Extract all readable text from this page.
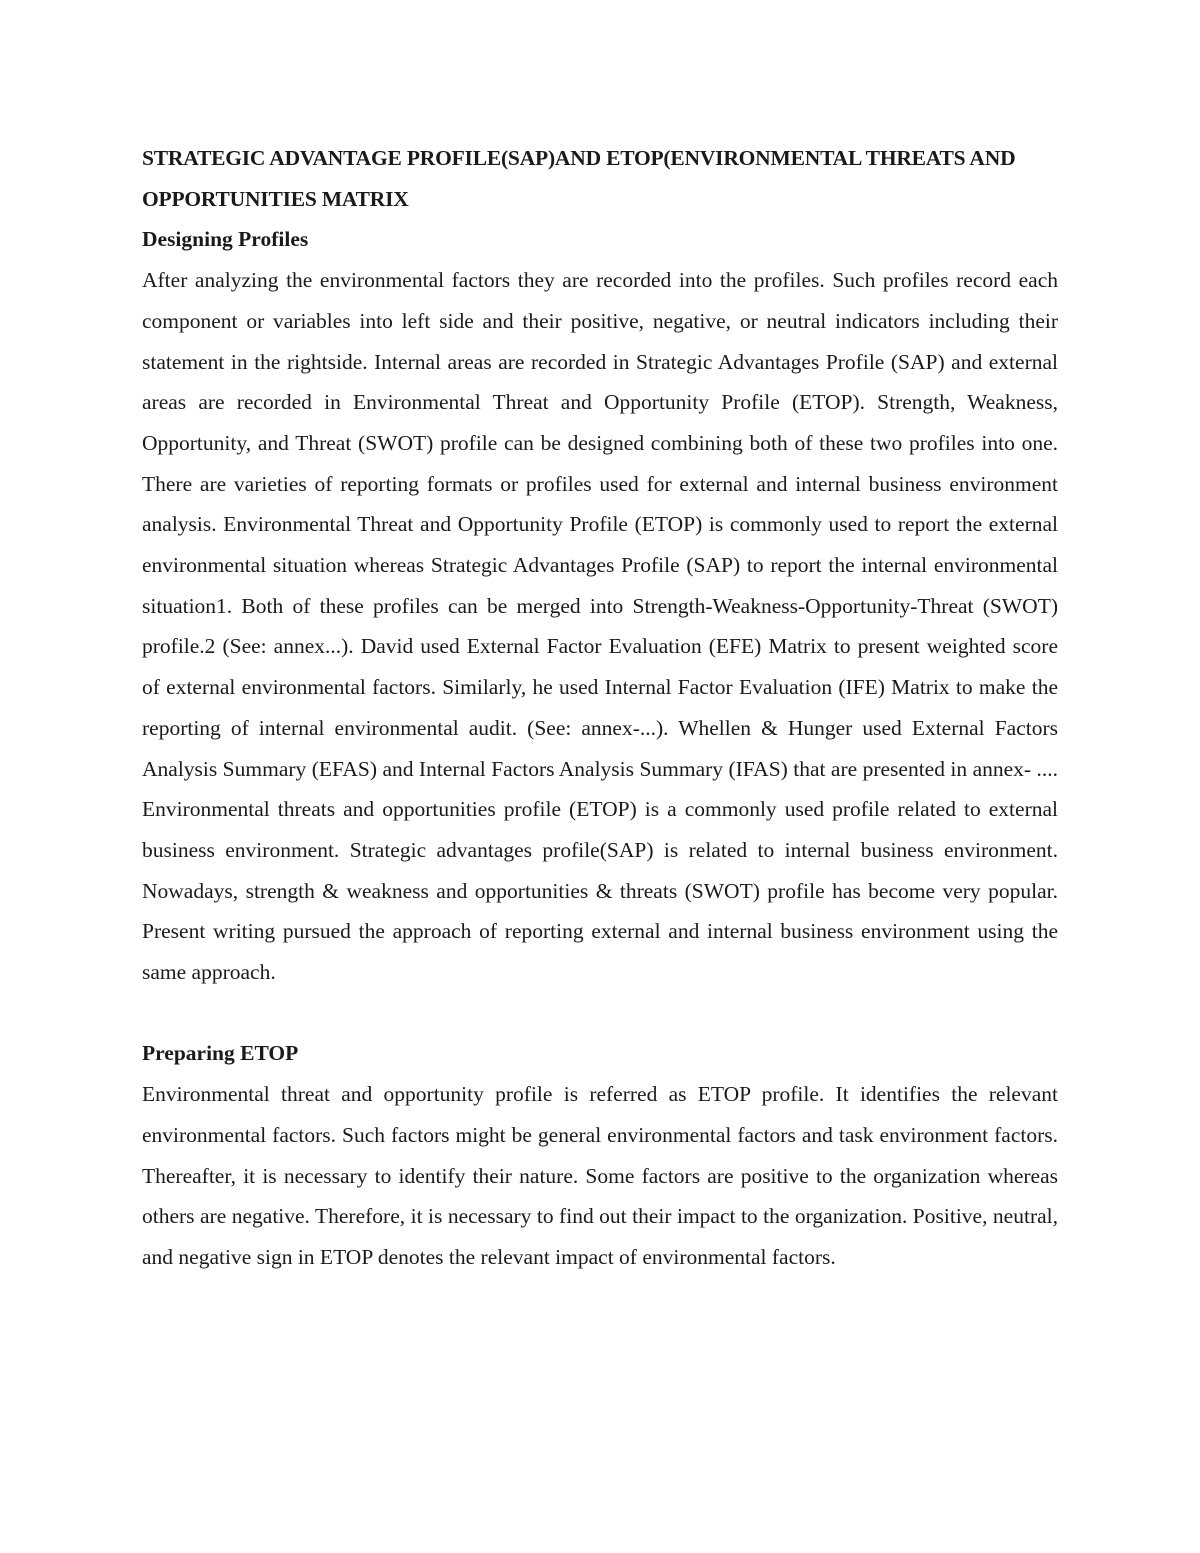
STRATEGIC ADVANTAGE PROFILE(SAP)AND ETOP(ENVIRONMENTAL THREATS AND OPPORTUNITIES MATRIX

Designing Profiles

After analyzing the environmental factors they are recorded into the profiles. Such profiles record each component or variables into left side and their positive, negative, or neutral indicators including their statement in the rightside. Internal areas are recorded in Strategic Advantages Profile (SAP) and external areas are recorded in Environmental Threat and Opportunity Profile (ETOP). Strength, Weakness, Opportunity, and Threat (SWOT) profile can be designed combining both of these two profiles into one. There are varieties of reporting formats or profiles used for external and internal business environment analysis. Environmental Threat and Opportunity Profile (ETOP) is commonly used to report the external environmental situation whereas Strategic Advantages Profile (SAP) to report the internal environmental situation1. Both of these profiles can be merged into Strength-Weakness-Opportunity-Threat (SWOT) profile.2 (See: annex...). David used External Factor Evaluation (EFE) Matrix to present weighted score of external environmental factors. Similarly, he used Internal Factor Evaluation (IFE) Matrix to make the reporting of internal environmental audit. (See: annex-...). Whellen & Hunger used External Factors Analysis Summary (EFAS) and Internal Factors Analysis Summary (IFAS) that are presented in annex- .... Environmental threats and opportunities profile (ETOP) is a commonly used profile related to external business environment. Strategic advantages profile(SAP) is related to internal business environment. Nowadays, strength & weakness and opportunities & threats (SWOT) profile has become very popular. Present writing pursued the approach of reporting external and internal business environment using the same approach.

Preparing ETOP

Environmental threat and opportunity profile is referred as ETOP profile. It identifies the relevant environmental factors. Such factors might be general environmental factors and task environment factors. Thereafter, it is necessary to identify their nature. Some factors are positive to the organization whereas others are negative. Therefore, it is necessary to find out their impact to the organization. Positive, neutral, and negative sign in ETOP denotes the relevant impact of environmental factors.
